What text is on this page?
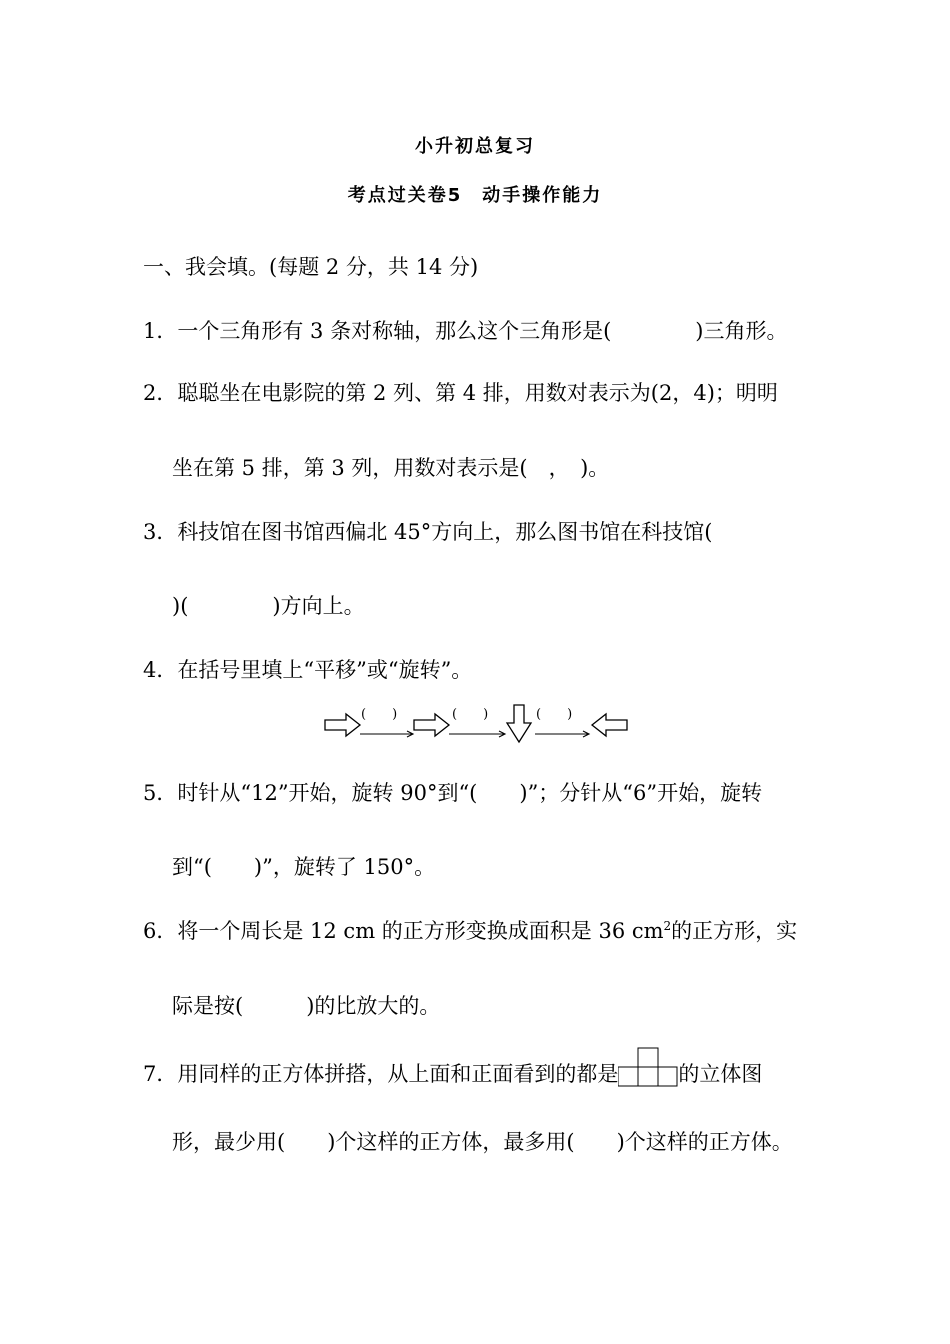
小升初总复习
考点过关卷5　动手操作能力
一、我会填。(每题 2 分，共 14 分)
1．一个三角形有 3 条对称轴，那么这个三角形是(　　　　)三角形。
2．聪聪坐在电影院的第 2 列、第 4 排，用数对表示为(2，4)；明明
坐在第 5 排，第 3 列，用数对表示是(　，　)。
3．科技馆在图书馆西偏北 45°方向上，那么图书馆在科技馆(
)(　　　　)方向上。
4．在括号里填上“平移”或“旋转”。
(　　)	(　　)	(　　)
5．时针从“12”开始，旋转 90°到“(　　)”；分针从“6”开始，旋转
到“(　　)”，旋转了 150°。
6．将一个周长是 12 cm 的正方形变换成面积是 36 $cm^2$的正方形，实
际是按(　　　)的比放大的。
7．用同样的正方体拼搭，从上面和正面看到的都是	的立体图
形，最少用(　　)个这样的正方体，最多用(　　)个这样的正方体。
